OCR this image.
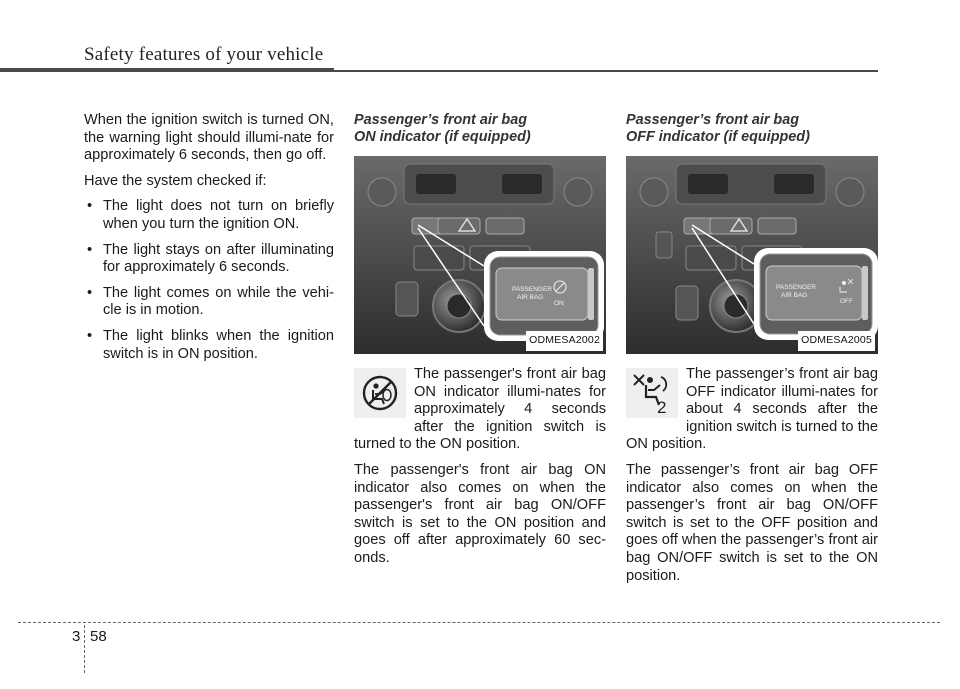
Safety features of your vehicle

When the ignition switch is turned ON, the warning light should illumi-nate for approximately 6 seconds, then go off.

Have the system checked if:

• The light does not turn on briefly when you turn the ignition ON.
• The light stays on after illuminating for approximately 6 seconds.
• The light comes on while the vehi-cle is in motion.
• The light blinks when the ignition switch is in ON position.
Passenger’s front air bag
ON indicator (if equipped)
PASSENGER
AIR BAG
ON
ODMESA2002

The passenger's front air bag ON indicator illumi-nates for approximately 4 seconds after the ignition switch is turned to the ON position.

The passenger's front air bag ON indicator also comes on when the passenger's front air bag ON/OFF switch is set to the ON position and goes off after approximately 60 sec-onds.

Passenger’s front air bag
OFF indicator (if equipped)
PASSENGER
AIR BAG
OFF
ODMESA2005
2

The passenger’s front air bag OFF indicator illumi-nates for about 4 seconds after the ignition switch is turned to the ON position.

The passenger’s front air bag OFF indicator also comes on when the passenger’s front air bag ON/OFF switch is set to the OFF position and goes off when the passenger’s front air bag ON/OFF switch is set to the ON position.

3 58
